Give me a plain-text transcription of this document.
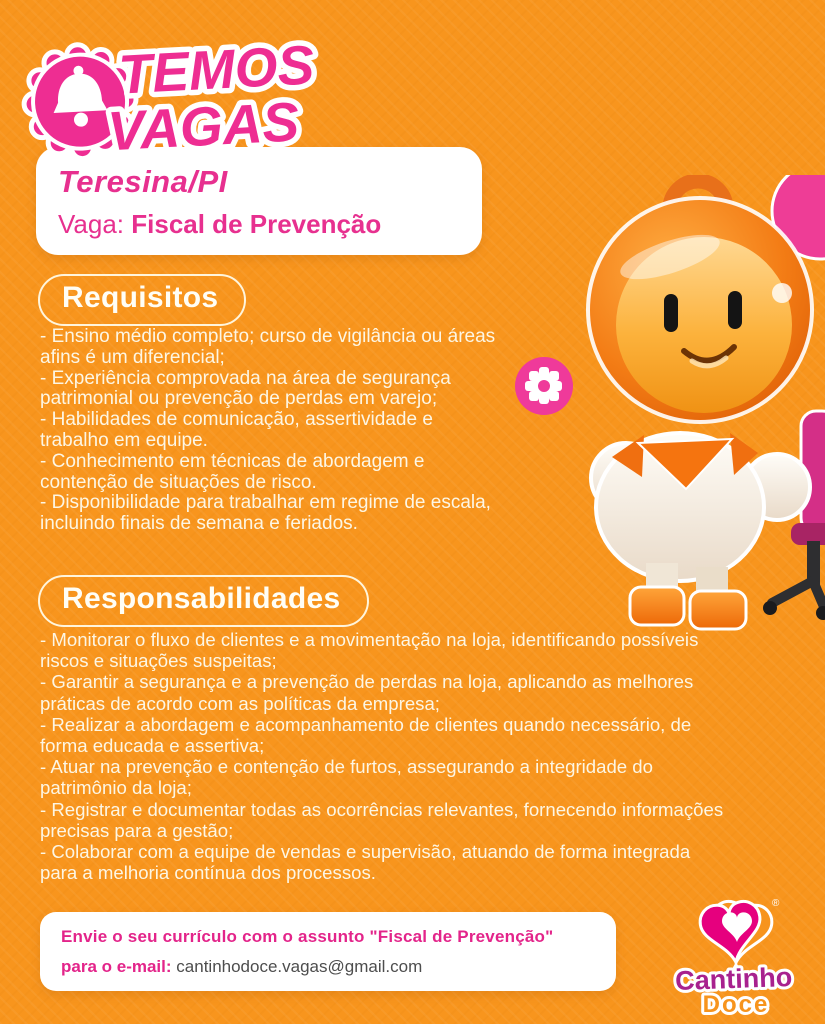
TEMOS
VAGAS
Teresina/PI
Vaga: Fiscal de Prevenção
Requisitos
- Ensino médio completo; curso de vigilância ou áreas afins é um diferencial;
- Experiência comprovada na área de segurança patrimonial ou prevenção de perdas em varejo;
- Habilidades de comunicação, assertividade e trabalho em equipe.
- Conhecimento em técnicas de abordagem e contenção de situações de risco.
- Disponibilidade para trabalhar em regime de escala, incluindo finais de semana e feriados.
Responsabilidades
- Monitorar o fluxo de clientes e a movimentação na loja, identificando possíveis riscos e situações suspeitas;
- Garantir a segurança e a prevenção de perdas na loja, aplicando as melhores práticas de acordo com as políticas da empresa;
- Realizar a abordagem e acompanhamento de clientes quando necessário, de forma educada e assertiva;
- Atuar na prevenção e contenção de furtos, assegurando a integridade do patrimônio da loja;
- Registrar e documentar todas as ocorrências relevantes, fornecendo informações precisas para a gestão;
- Colaborar com a equipe de vendas e supervisão, atuando de forma integrada para a melhoria contínua dos processos.
Envie o seu currículo com o assunto "Fiscal de Prevenção"
para o e-mail: cantinhodoce.vagas@gmail.com
®
Cantinho
Doce
